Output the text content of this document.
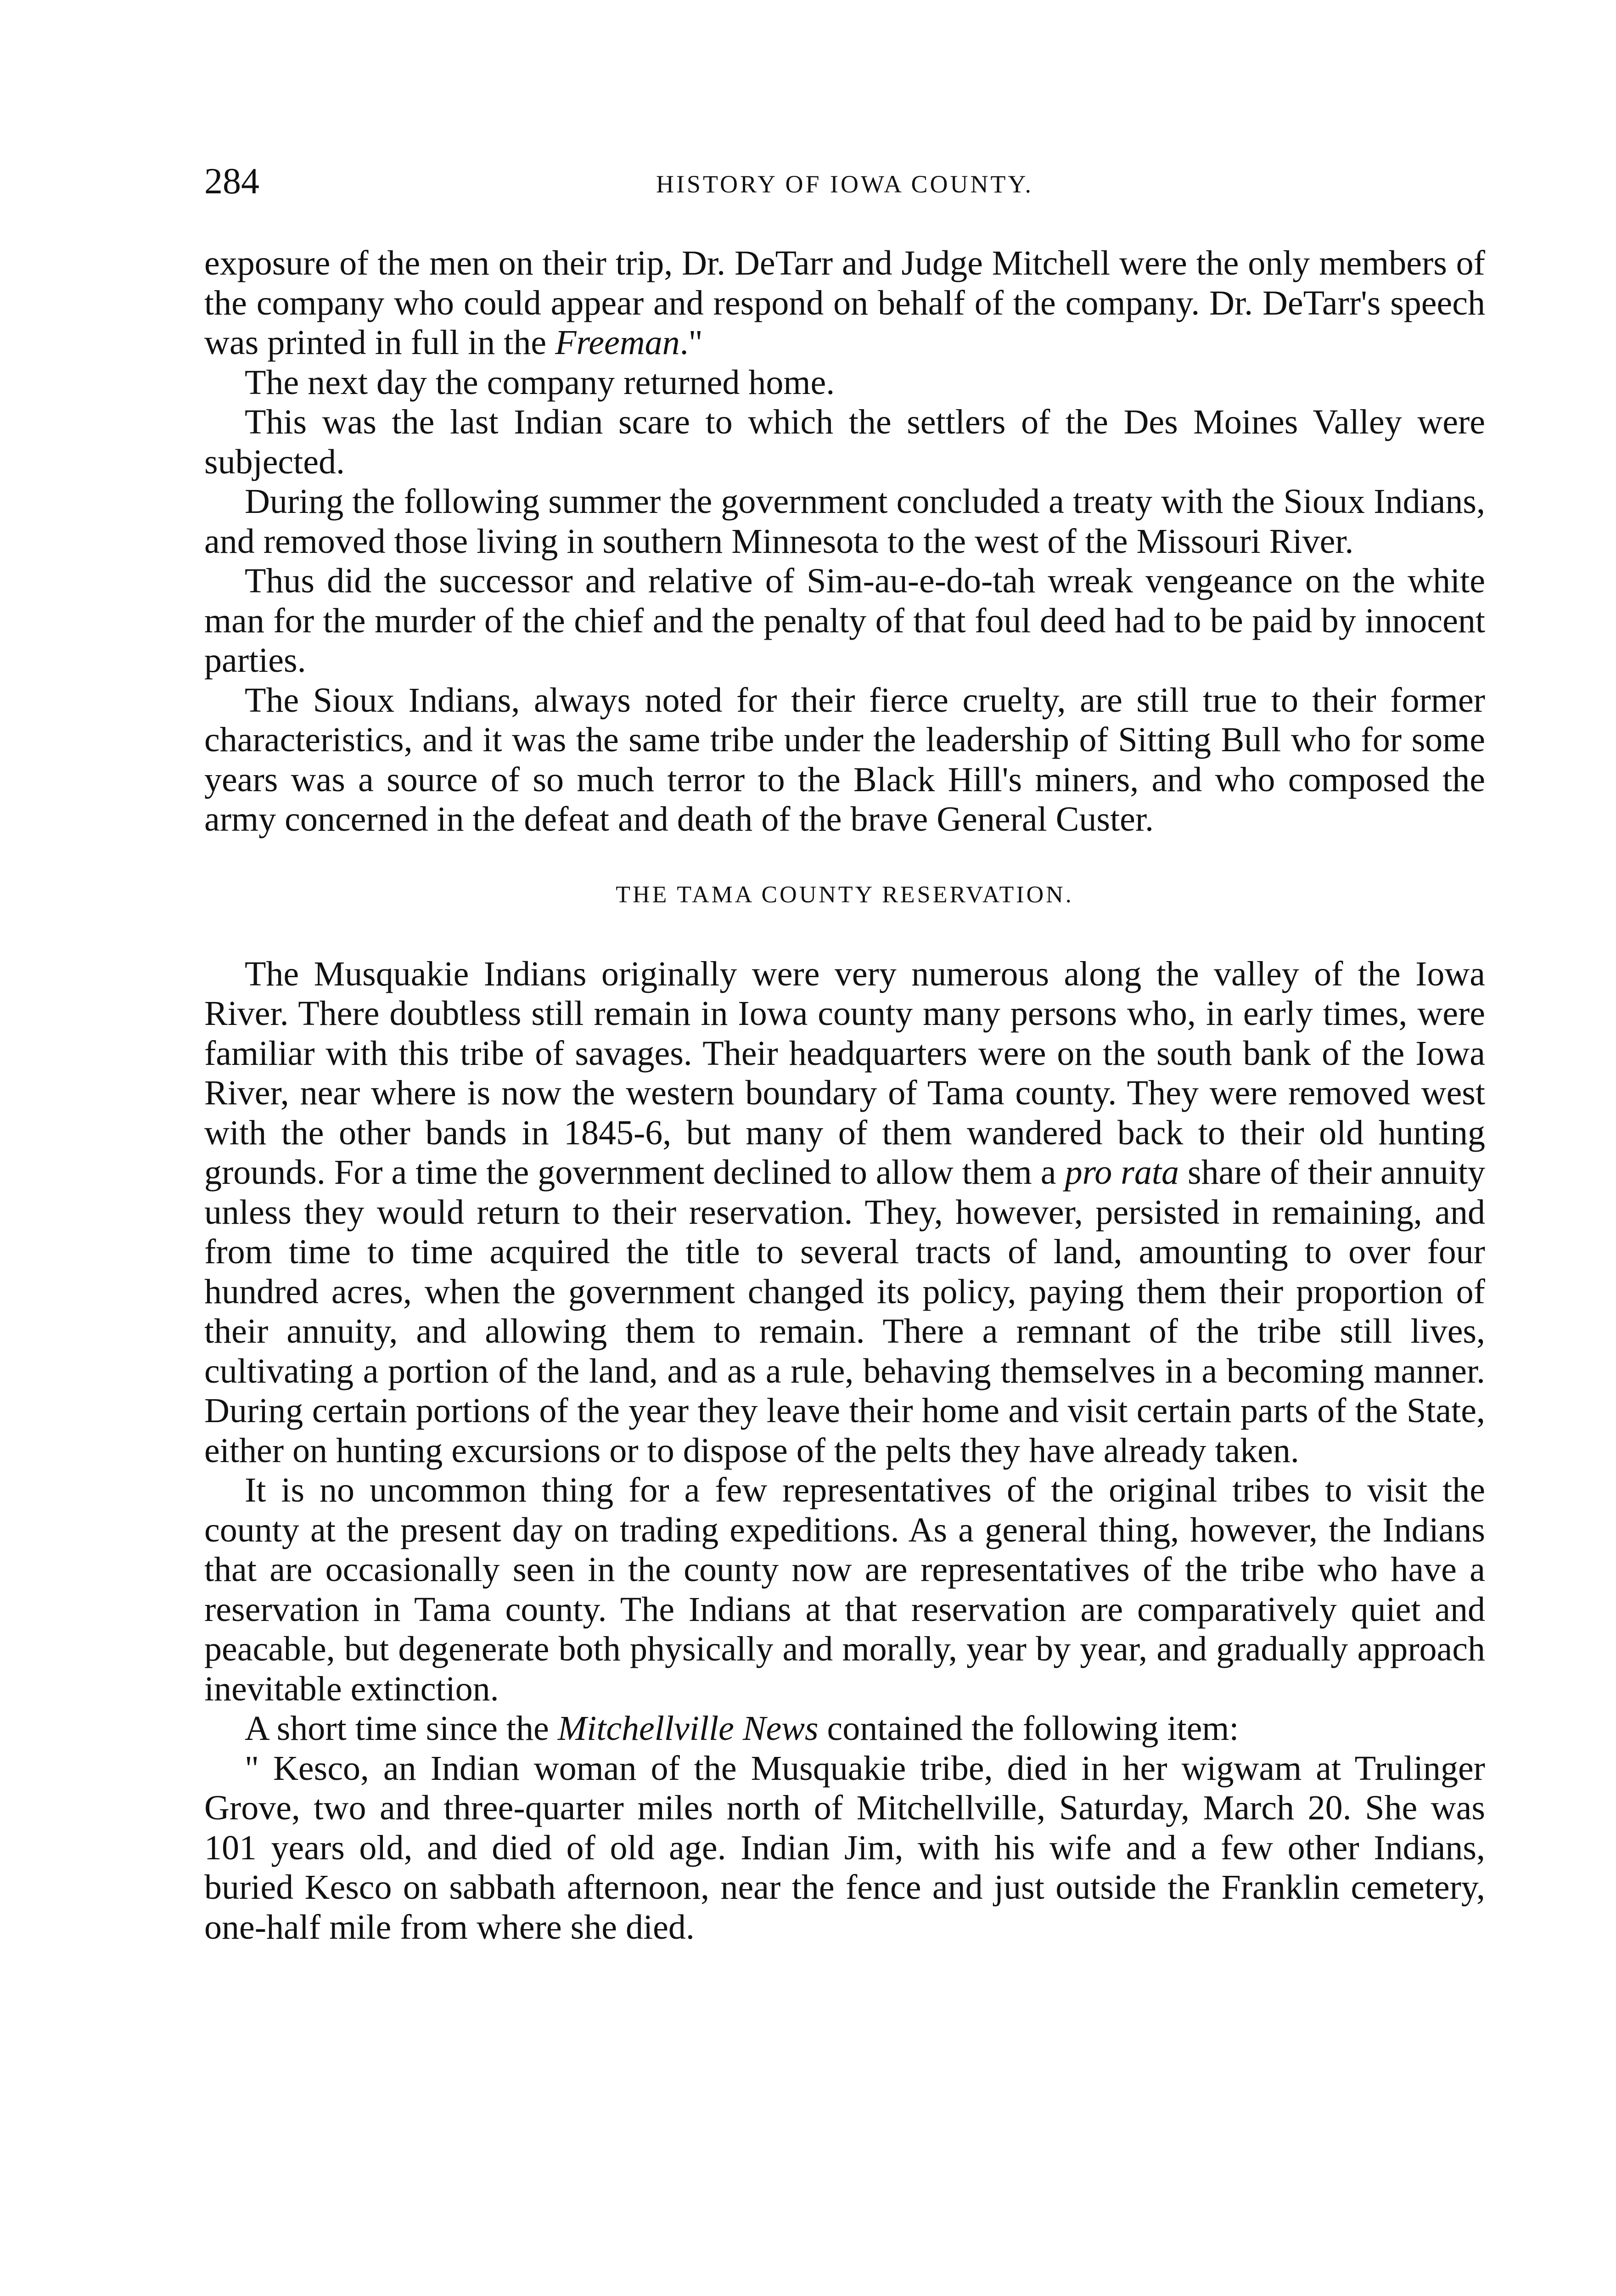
284	HISTORY OF IOWA COUNTY.

exposure of the men on their trip, Dr. DeTarr and Judge Mitchell were the only members of the company who could appear and respond on behalf of the company. Dr. DeTarr's speech was printed in full in the Freeman."

The next day the company returned home.

This was the last Indian scare to which the settlers of the Des Moines Valley were subjected.

During the following summer the government concluded a treaty with the Sioux Indians, and removed those living in southern Minnesota to the west of the Missouri River.

Thus did the successor and relative of Sim-au-e-do-tah wreak vengeance on the white man for the murder of the chief and the penalty of that foul deed had to be paid by innocent parties.

The Sioux Indians, always noted for their fierce cruelty, are still true to their former characteristics, and it was the same tribe under the leadership of Sitting Bull who for some years was a source of so much terror to the Black Hill's miners, and who composed the army concerned in the defeat and death of the brave General Custer.

THE TAMA COUNTY RESERVATION.

The Musquakie Indians originally were very numerous along the valley of the Iowa River. There doubtless still remain in Iowa county many persons who, in early times, were familiar with this tribe of savages. Their headquarters were on the south bank of the Iowa River, near where is now the western boundary of Tama county. They were removed west with the other bands in 1845-6, but many of them wandered back to their old hunting grounds. For a time the government declined to allow them a pro rata share of their annuity unless they would return to their reservation. They, however, persisted in remaining, and from time to time acquired the title to several tracts of land, amounting to over four hundred acres, when the government changed its policy, paying them their proportion of their annuity, and allowing them to remain. There a remnant of the tribe still lives, cultivating a portion of the land, and as a rule, behaving themselves in a becoming manner. During certain portions of the year they leave their home and visit certain parts of the State, either on hunting excursions or to dispose of the pelts they have already taken.

It is no uncommon thing for a few representatives of the original tribes to visit the county at the present day on trading expeditions. As a general thing, however, the Indians that are occasionally seen in the county now are representatives of the tribe who have a reservation in Tama county. The Indians at that reservation are comparatively quiet and peacable, but degenerate both physically and morally, year by year, and gradually approach inevitable extinction.

A short time since the Mitchellville News contained the following item:

" Kesco, an Indian woman of the Musquakie tribe, died in her wigwam at Trulinger Grove, two and three-quarter miles north of Mitchellville, Saturday, March 20. She was 101 years old, and died of old age. Indian Jim, with his wife and a few other Indians, buried Kesco on sabbath afternoon, near the fence and just outside the Franklin cemetery, one-half mile from where she died.
